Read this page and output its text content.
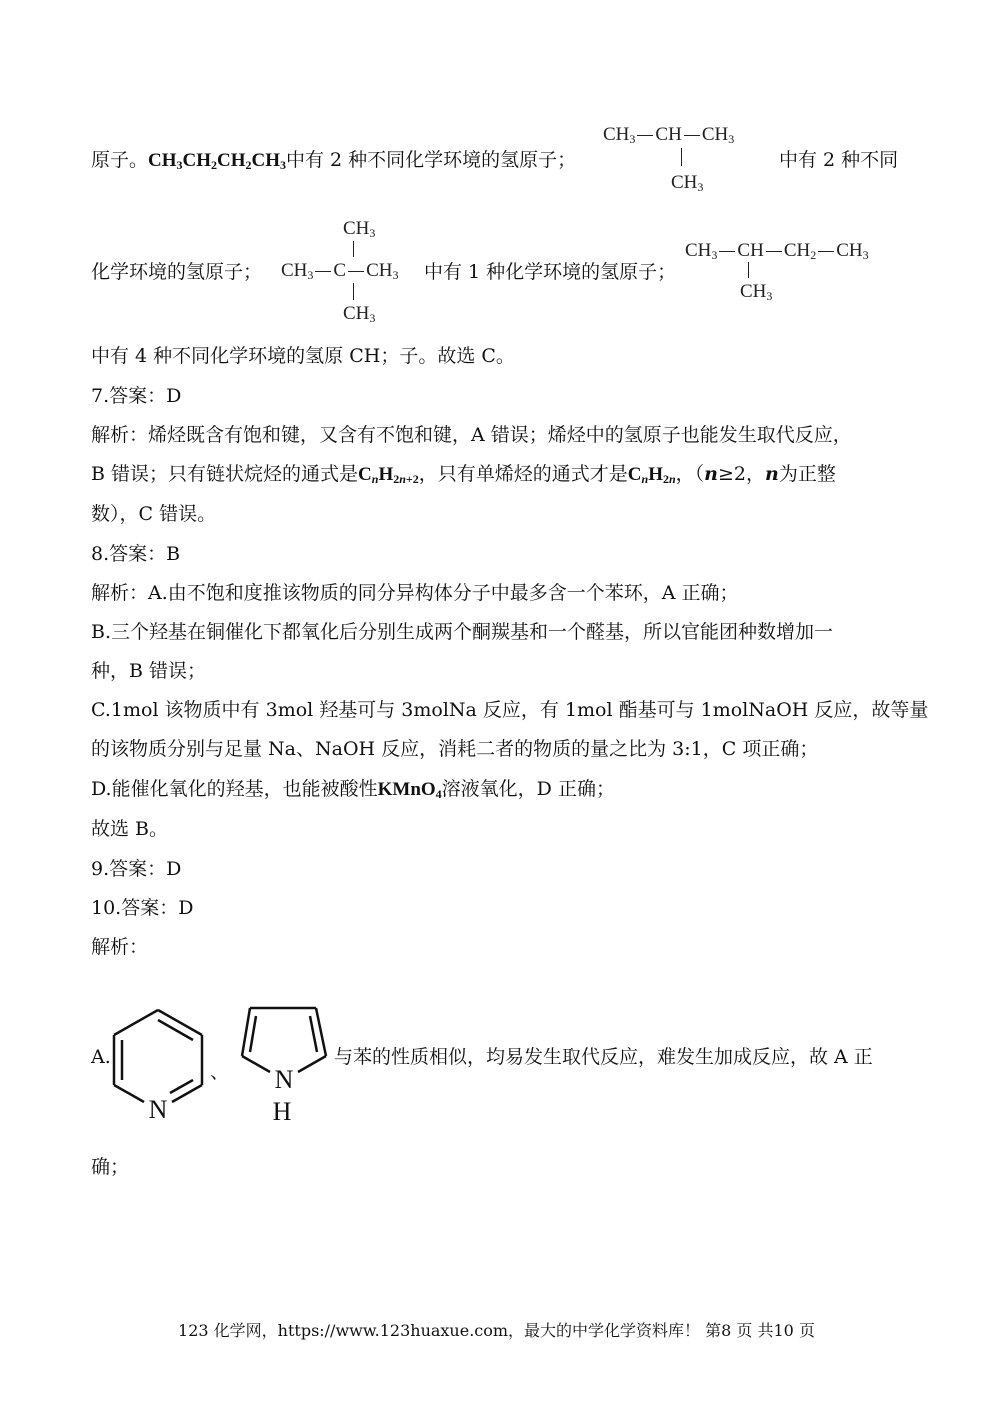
原子。$CH_3CH_2CH_2CH_3$中有 2 种不同化学环境的氢原子；	中有 2 种不同
$CH_3$ CH $CH_3$
$CH_3$
化学环境的氢原子；
$CH_3$
$CH_3$ C $CH_3$
$CH_3$
中有 1 种化学环境的氢原子；
$CH_3$ CH $CH_2$ $CH_3$
$CH_3$
中有 4 种不同化学环境的氢原 CH；子。故选 C。
7.答案：D
解析：烯烃既含有饱和键，又含有不饱和键，A 错误；烯烃中的氢原子也能发生取代反应，
B 错误；只有链状烷烃的通式是$C_nH_{2n+2}$，只有单烯烃的通式才是$C_nH_{2n}$，（n≥2，n为正整
数），C 错误。
8.答案：B
解析：A.由不饱和度推该物质的同分异构体分子中最多含一个苯环，A 正确；
B.三个羟基在铜催化下都氧化后分别生成两个酮羰基和一个醛基，所以官能团种数增加一
种，B 错误；
C.1mol 该物质中有 3mol 羟基可与 3molNa 反应，有 1mol 酯基可与 1molNaOH 反应，故等量
的该物质分别与足量 Na、NaOH 反应，消耗二者的物质的量之比为 3:1，C 项正确；
D.能催化氧化的羟基，也能被酸性KMnO$_4$溶液氧化，D 正确；
故选 B。
9.答案：D
10.答案：D
解析：
A.
N
、 N
H
与苯的性质相似，均易发生取代反应，难发生加成反应，故 A 正
确；
123 化学网，https://www.123huaxue.com，最大的中学化学资料库！ 第8 页 共10 页
